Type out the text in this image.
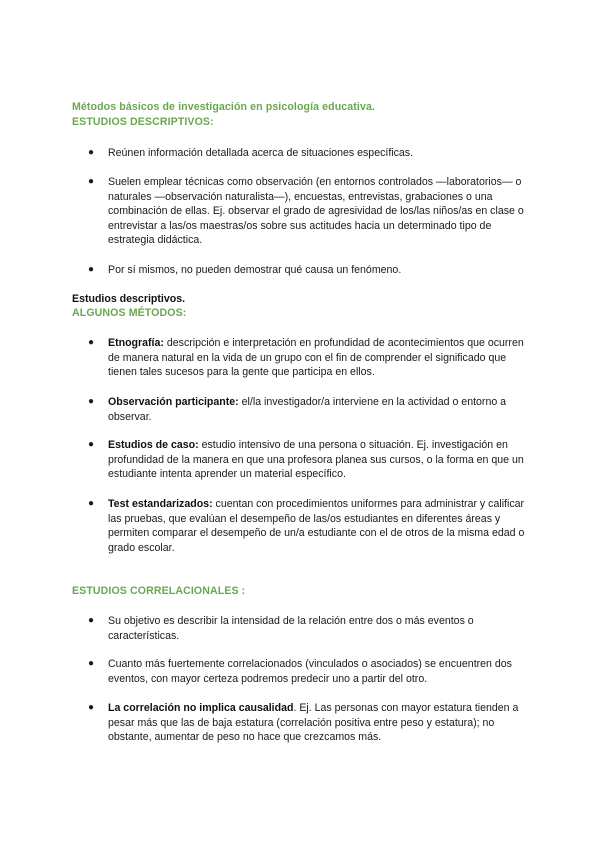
Métodos básicos de investigación en psicología educativa.
ESTUDIOS DESCRIPTIVOS:
●	Reúnen información detallada acerca de situaciones específicas.
●	Suelen emplear técnicas como observación (en entornos controlados —laboratorios— o naturales —observación naturalista—), encuestas, entrevistas, grabaciones o una combinación de ellas. Ej. observar el grado de agresividad de los/las niños/as en clase o entrevistar a las/os maestras/os sobre sus actitudes hacia un determinado tipo de estrategia didáctica.
●	Por sí mismos, no pueden demostrar qué causa un fenómeno.
Estudios descriptivos.
ALGUNOS MÉTODOS:
●	Etnografía: descripción e interpretación en profundidad de acontecimientos que ocurren de manera natural en la vida de un grupo con el fin de comprender el significado que tienen tales sucesos para la gente que participa en ellos.
●	Observación participante: el/la investigador/a interviene en la actividad o entorno a observar.
●	Estudios de caso: estudio intensivo de una persona o situación. Ej. investigación en profundidad de la manera en que una profesora planea sus cursos, o la forma en que un estudiante intenta aprender un material específico.
●	Test estandarizados: cuentan con procedimientos uniformes para administrar y calificar las pruebas, que evalúan el desempeño de las/os estudiantes en diferentes áreas y permiten comparar el desempeño de un/a estudiante con el de otros de la misma edad o grado escolar.
ESTUDIOS CORRELACIONALES :
●	Su objetivo es describir la intensidad de la relación entre dos o más eventos o características.
●	Cuanto más fuertemente correlacionados (vinculados o asociados) se encuentren dos eventos, con mayor certeza podremos predecir uno a partir del otro.
●	La correlación no implica causalidad. Ej. Las personas con mayor estatura tienden a pesar más que las de baja estatura (correlación positiva entre peso y estatura); no obstante, aumentar de peso no hace que crezcamos más.
